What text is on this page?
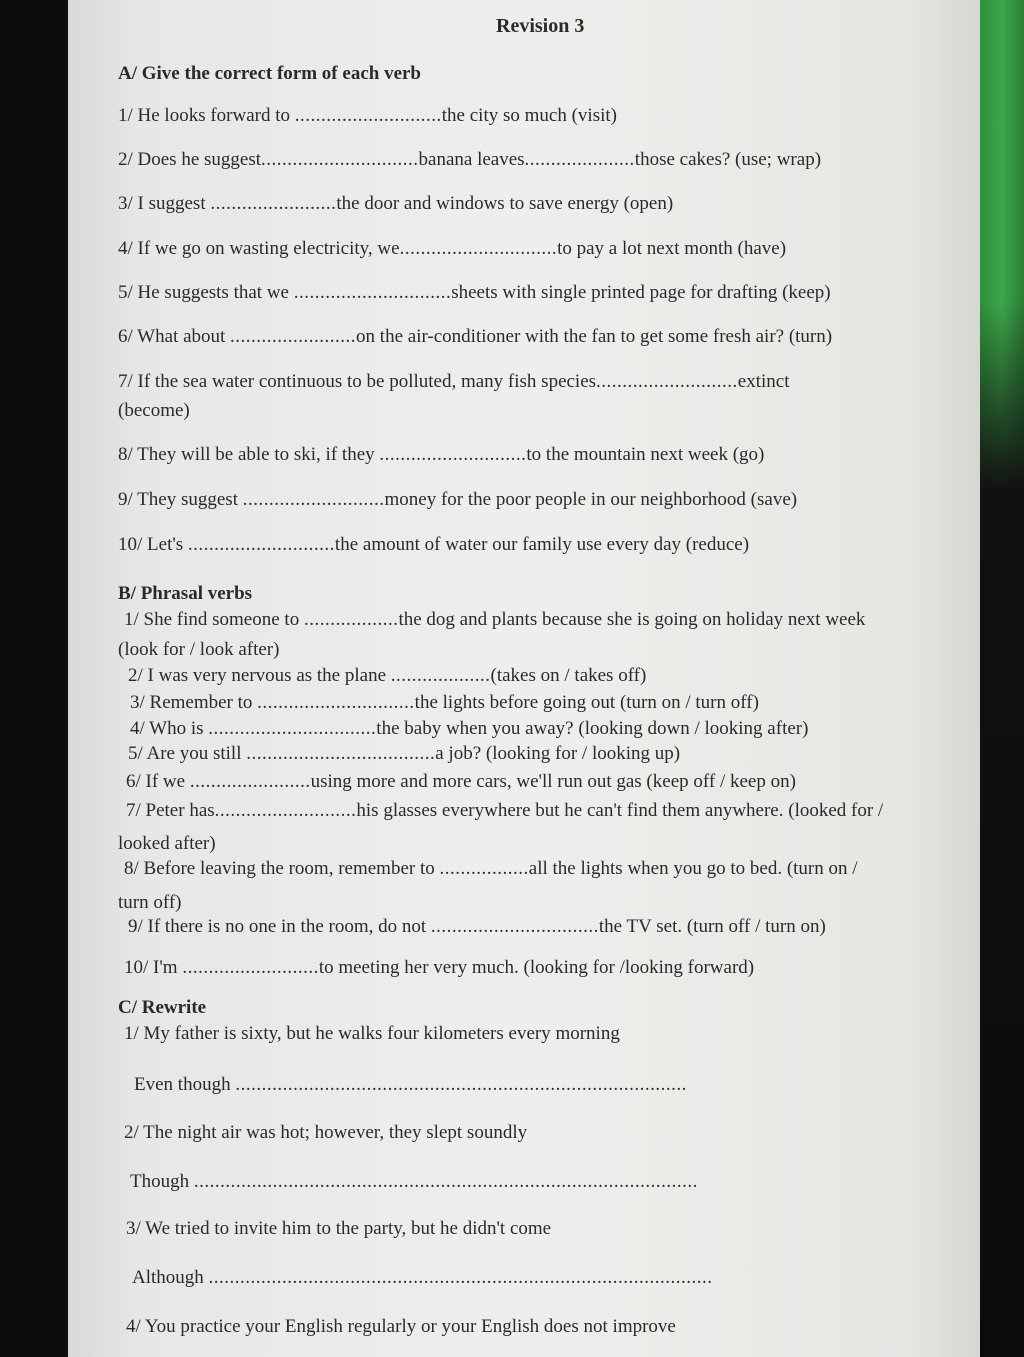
Revision 3
A/ Give the correct form of each verb
1/ He looks forward to ............................the city so much (visit)
2/ Does he suggest..............................banana leaves.....................those cakes? (use; wrap)
3/ I suggest ........................the door and windows to save energy (open)
4/ If we go on wasting electricity, we..............................to pay a lot next month (have)
5/ He suggests that we ..............................sheets with single printed page for drafting (keep)
6/ What about ........................on the air-conditioner with the fan to get some fresh air? (turn)
7/ If the sea water continuous to be polluted, many fish species...........................extinct
(become)
8/ They will be able to ski, if they ............................to the mountain next week (go)
9/ They suggest ...........................money for the poor people in our neighborhood (save)
10/ Let's ............................the amount of water our family use every day (reduce)
B/ Phrasal verbs
1/ She find someone to ..................the dog and plants because she is going on holiday next week
(look for / look after)
2/ I was very nervous as the plane ...................(takes on / takes off)
3/ Remember to ..............................the lights before going out (turn on / turn off)
4/ Who is ................................the baby when you away? (looking down / looking after)
5/ Are you still ....................................a job? (looking for / looking up)
6/ If we .......................using more and more cars, we'll run out gas (keep off / keep on)
7/ Peter has...........................his glasses everywhere but he can't find them anywhere. (looked for /
looked after)
8/ Before leaving the room, remember to .................all the lights when you go to bed. (turn on /
turn off)
9/ If there is no one in the room, do not ................................the TV set. (turn off / turn on)
10/ I'm ..........................to meeting her very much. (looking for /looking forward)
C/ Rewrite
1/ My father is sixty, but he walks four kilometers every morning
Even though ......................................................................................
2/ The night air was hot; however, they slept soundly
Though ................................................................................................
3/ We tried to invite him to the party, but he didn't come
Although ................................................................................................
4/ You practice your English regularly or your English does not improve
